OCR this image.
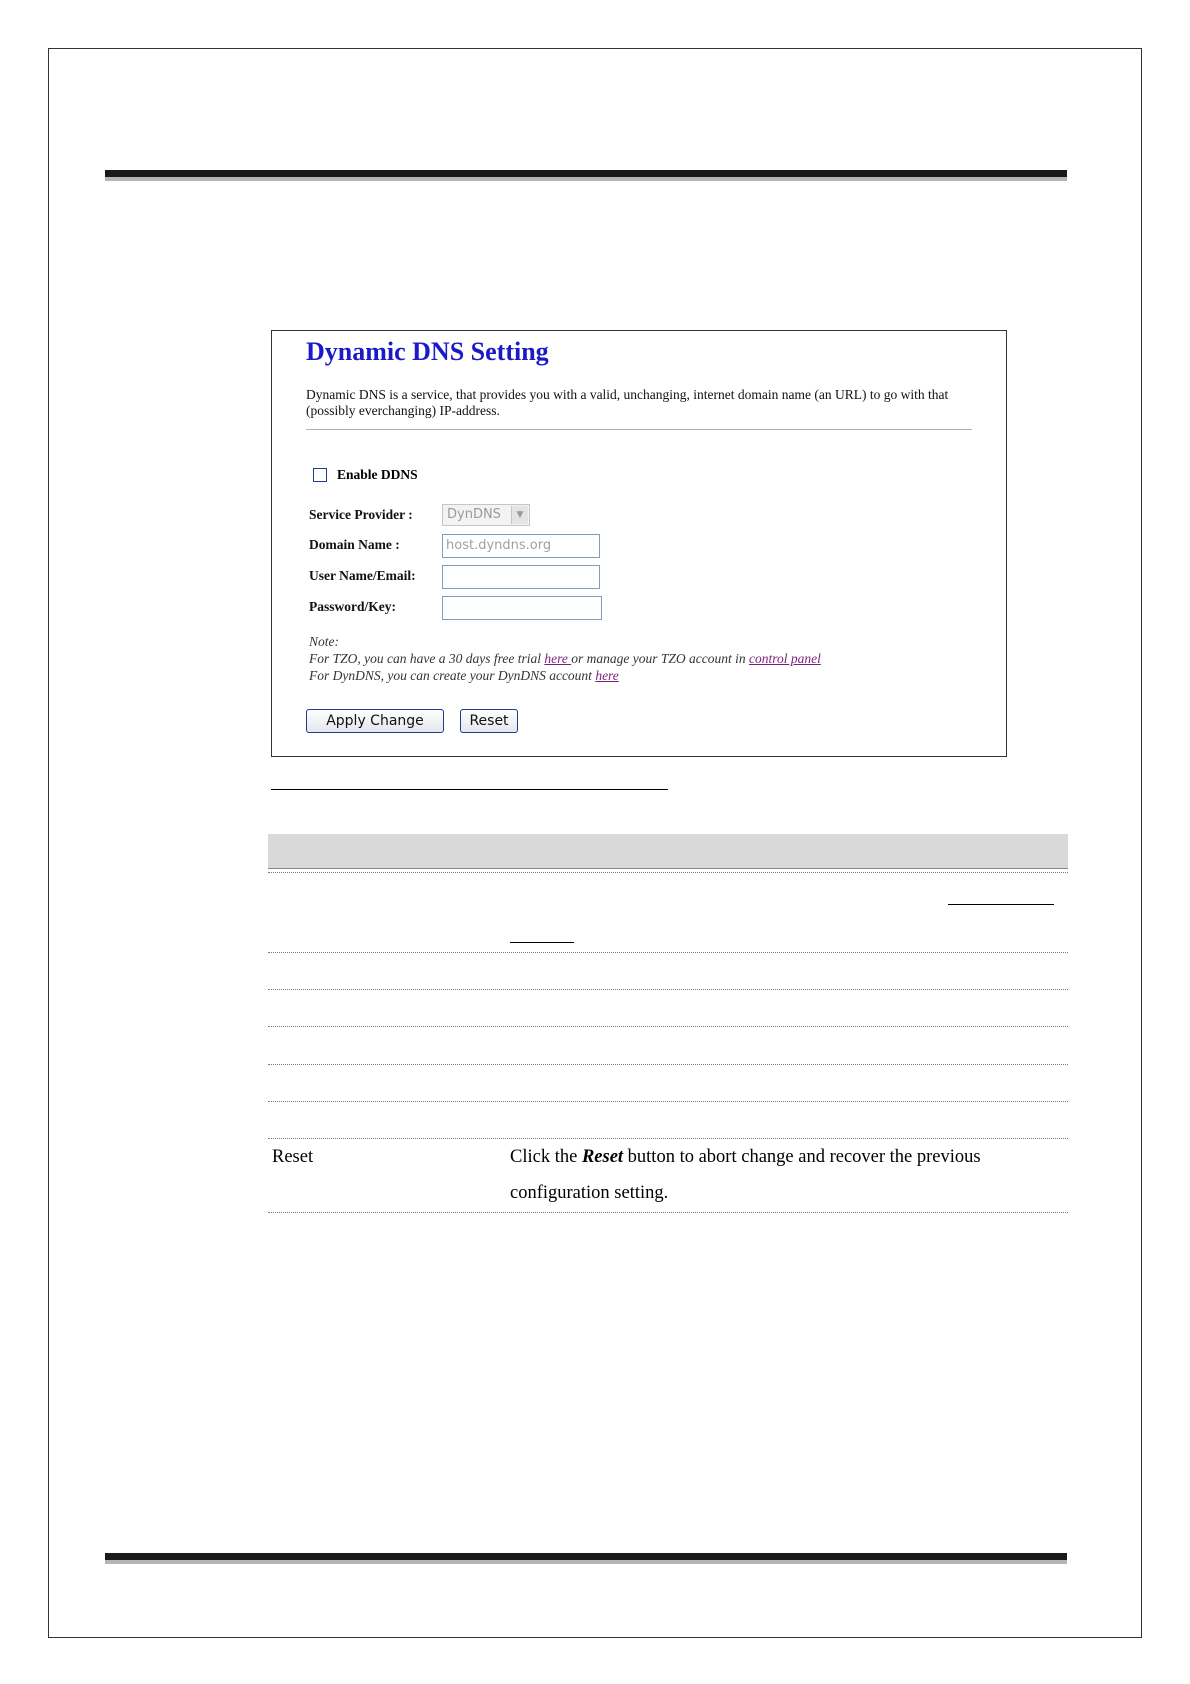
Dynamic DNS Setting
Dynamic DNS is a service, that provides you with a valid, unchanging, internet domain name (an URL) to go with that (possibly everchanging) IP-address.
Enable DDNS
Service Provider :	DynDNS	▼
Domain Name :	host.dyndns.org
User Name/Email:
Password/Key:
Note:
For TZO, you can have a 30 days free trial here or manage your TZO account in control panel
For DynDNS, you can create your DynDNS account here
Apply Change	Reset
Reset	Click the Reset button to abort change and recover the previous
configuration setting.
